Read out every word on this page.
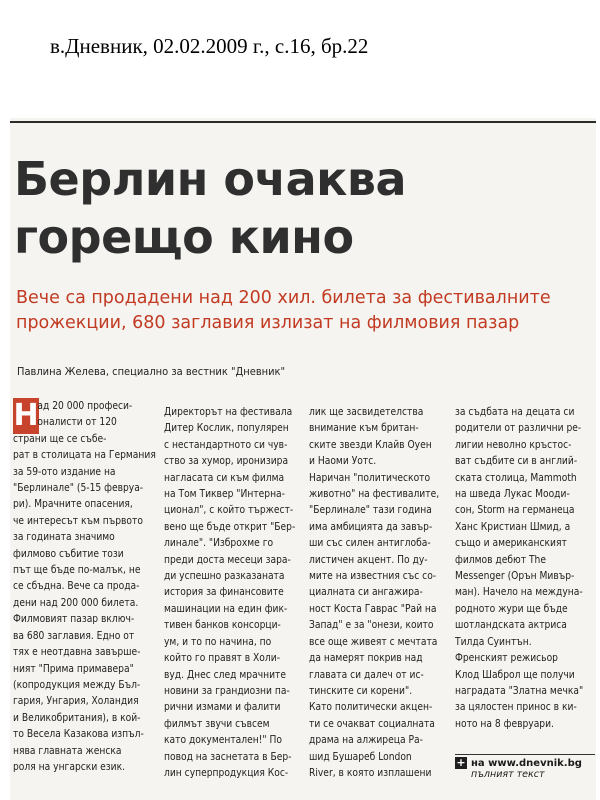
в.Дневник, 02.02.2009 г., с.16, бр.22
Берлин очаква
горещо кино
Вече са продадени над 200 хил. билета за фестивалните
прожекции, 680 заглавия излизат на филмовия пазар
Павлина Желева, специално за вестник "Дневник"
Н
ад 20 000 професи-
оналисти от 120
страни ще се събе-
рат в столицата на Германия
за 59-ото издание на
"Берлинале" (5-15 февруа-
ри). Мрачните опасения,
че интересът към първото
за годината значимо
филмово събитие този
път ще бъде по-малък, не
се сбъдна. Вече са прода-
дени над 200 000 билета.
Филмовият пазар включ-
ва 680 заглавия. Едно от
тях е неотдавна завърше-
ният "Прима примавера"
(копродукция между Бъл-
гария, Унгария, Холандия
и Великобритания), в кой-
то Весела Казакова изпъл-
нява главната женска
роля на унгарски език.
Директорът на фестивала
Дитер Кослик, популярен
с нестандартното си чув-
ство за хумор, иронизира
нагласата си към филма
на Том Тиквер "Интерна-
ционал", с който тържест-
вено ще бъде открит "Бер-
линале". "Изброхме го
преди доста месеци зара-
ди успешно разказаната
история за финансовите
машинации на един фик-
тивен банков консорци-
ум, и то по начина, по
който го правят в Холи-
вуд. Днес след мрачните
новини за грандиозни па-
рични измами и фалити
филмът звучи съвсем
като документален!" По
повод на заснетата в Бер-
лин суперпродукция Кос-
лик ще засвидетелства
внимание към британ-
ските звезди Клайв Оуен
и Наоми Уотс.
Наричан "политическото
животно" на фестивалите,
"Берлинале" тази година
има амбицията да завър-
ши със силен антиглоба-
листичен акцент. По ду-
мите на известния със со-
циалната си ангажира-
ност Коста Гаврас "Рай на
Запад" е за "онези, които
все още живеят с мечтата
да намерят покрив над
главата си далеч от ис-
тинските си корени".
Като политически акцен-
ти се очакват социалната
драма на алжиреца Ра-
шид Бушареб London
River, в която изплашени
за съдбата на децата си
родители от различни ре-
лигии неволно кръстос-
ват съдбите си в англий-
ската столица, Mammoth
на шведа Лукас Мооди-
сон, Storm на германеца
Ханс Кристиан Шмид, а
също и американският
филмов дебют The
Messenger (Орън Мивър-
ман). Начело на междуна-
родното жури ще бъде
шотландската актриса
Тилда Суинтън.
Френският режисьор
Клод Шаброл ще получи
наградата "Златна мечка"
за цялостен принос в ки-
ното на 8 февруари.
+ на www.dnevnik.bg
пълният текст
